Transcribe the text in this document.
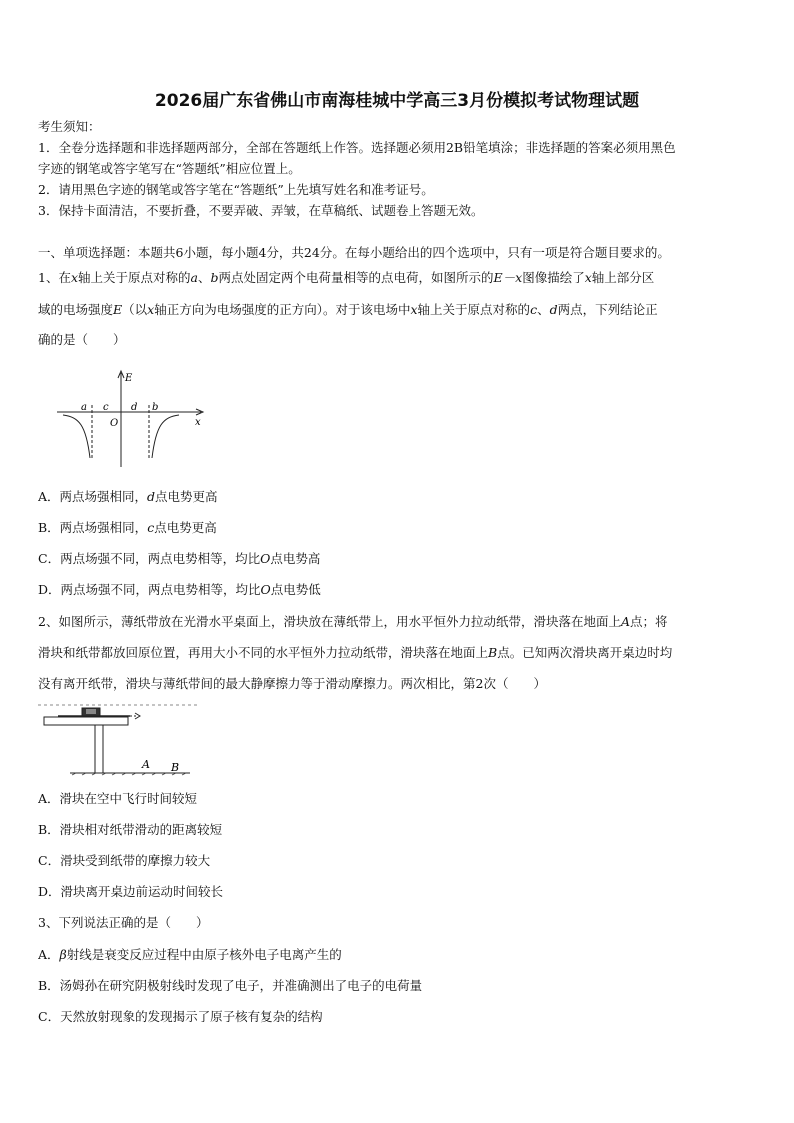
2026届广东省佛山市南海桂城中学高三3月份模拟考试物理试题
考生须知：
1．全卷分选择题和非选择题两部分，全部在答题纸上作答。选择题必须用2B铅笔填涂；非选择题的答案必须用黑色
字迹的钢笔或答字笔写在“答题纸”相应位置上。
2．请用黑色字迹的钢笔或答字笔在“答题纸”上先填写姓名和准考证号。
3．保持卡面清洁，不要折叠，不要弄破、弄皱，在草稿纸、试题卷上答题无效。
一、单项选择题：本题共6小题，每小题4分，共24分。在每小题给出的四个选项中，只有一项是符合题目要求的。
1、在x轴上关于原点对称的a、b两点处固定两个电荷量相等的点电荷，如图所示的E－x图像描绘了x轴上部分区
域的电场强度E（以x轴正方向为电场强度的正方向）。对于该电场中x轴上关于原点对称的c、d两点，下列结论正
确的是（　　）
E
x
O
a c d b
A．两点场强相同，d点电势更高
B．两点场强相同，c点电势更高
C．两点场强不同，两点电势相等，均比O点电势高
D．两点场强不同，两点电势相等，均比O点电势低
2、如图所示，薄纸带放在光滑水平桌面上，滑块放在薄纸带上，用水平恒外力拉动纸带，滑块落在地面上A点；将
滑块和纸带都放回原位置，再用大小不同的水平恒外力拉动纸带，滑块落在地面上B点。已知两次滑块离开桌边时均
没有离开纸带，滑块与薄纸带间的最大静摩擦力等于滑动摩擦力。两次相比，第2次（　　）
A B
A．滑块在空中飞行时间较短
B．滑块相对纸带滑动的距离较短
C．滑块受到纸带的摩擦力较大
D．滑块离开桌边前运动时间较长
3、下列说法正确的是（　　）
A．β射线是衰变反应过程中由原子核外电子电离产生的
B．汤姆孙在研究阴极射线时发现了电子，并准确测出了电子的电荷量
C．天然放射现象的发现揭示了原子核有复杂的结构
